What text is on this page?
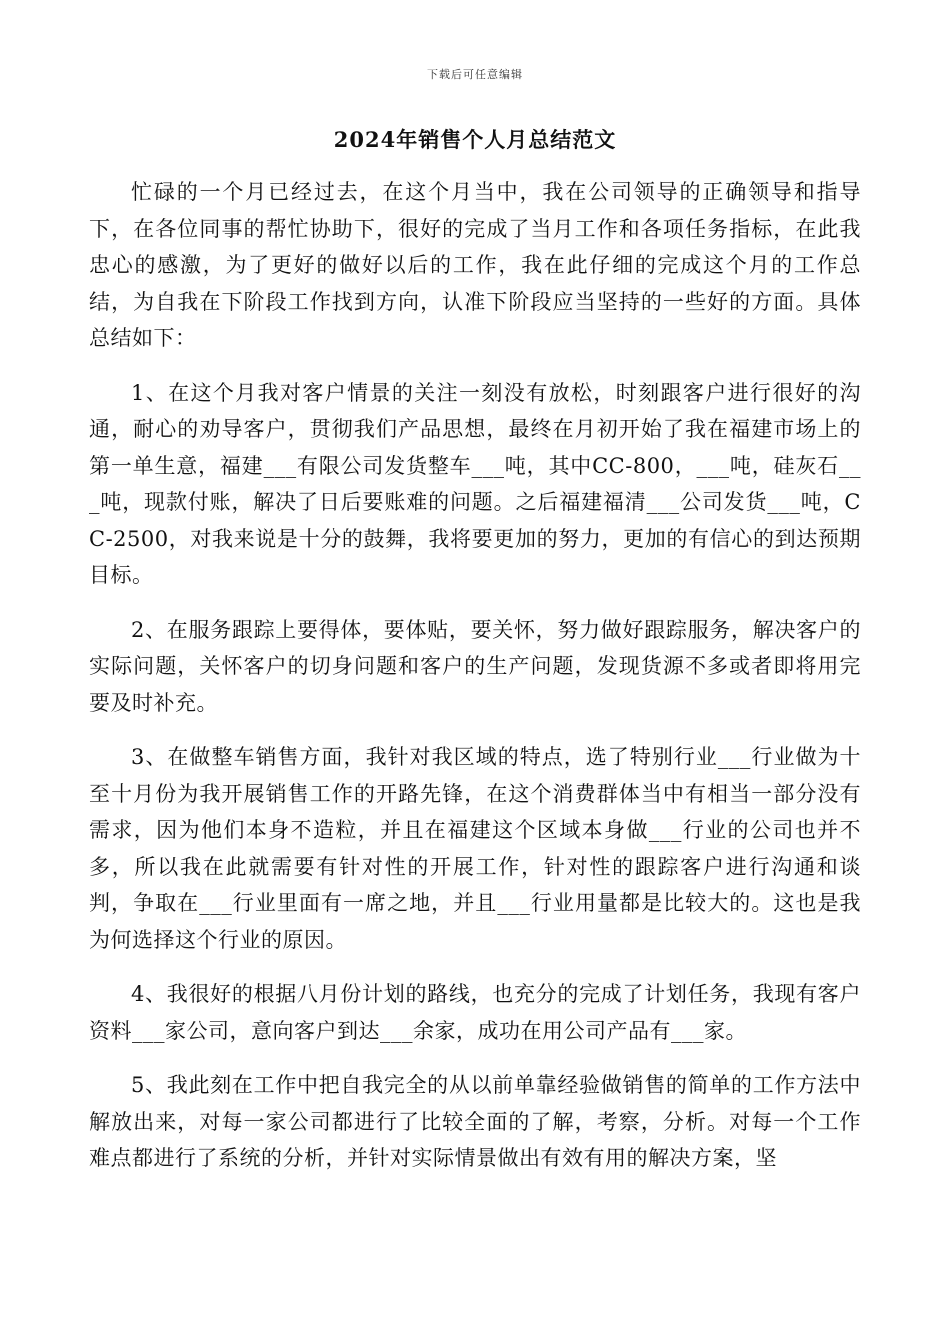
下载后可任意编辑
2024年销售个人月总结范文

忙碌的一个月已经过去，在这个月当中，我在公司领导的正确领导和指导下，在各位同事的帮忙协助下，很好的完成了当月工作和各项任务指标，在此我忠心的感激，为了更好的做好以后的工作，我在此仔细的完成这个月的工作总结，为自我在下阶段工作找到方向，认准下阶段应当坚持的一些好的方面。具体总结如下：

1、在这个月我对客户情景的关注一刻没有放松，时刻跟客户进行很好的沟通，耐心的劝导客户，贯彻我们产品思想，最终在月初开始了我在福建市场上的第一单生意，福建___有限公司发货整车___吨，其中CC-800，___吨，硅灰石___吨，现款付账，解决了日后要账难的问题。之后福建福清___公司发货___吨，CC-2500，对我来说是十分的鼓舞，我将要更加的努力，更加的有信心的到达预期目标。

2、在服务跟踪上要得体，要体贴，要关怀，努力做好跟踪服务，解决客户的实际问题，关怀客户的切身问题和客户的生产问题，发现货源不多或者即将用完要及时补充。

3、在做整车销售方面，我针对我区域的特点，选了特别行业___行业做为十至十月份为我开展销售工作的开路先锋，在这个消费群体当中有相当一部分没有需求，因为他们本身不造粒，并且在福建这个区域本身做___行业的公司也并不多，所以我在此就需要有针对性的开展工作，针对性的跟踪客户进行沟通和谈判，争取在___行业里面有一席之地，并且___行业用量都是比较大的。这也是我为何选择这个行业的原因。

4、我很好的根据八月份计划的路线，也充分的完成了计划任务，我现有客户资料___家公司，意向客户到达___余家，成功在用公司产品有___家。

5、我此刻在工作中把自我完全的从以前单靠经验做销售的简单的工作方法中解放出来，对每一家公司都进行了比较全面的了解，考察，分析。对每一个工作难点都进行了系统的分析，并针对实际情景做出有效有用的解决方案，坚
